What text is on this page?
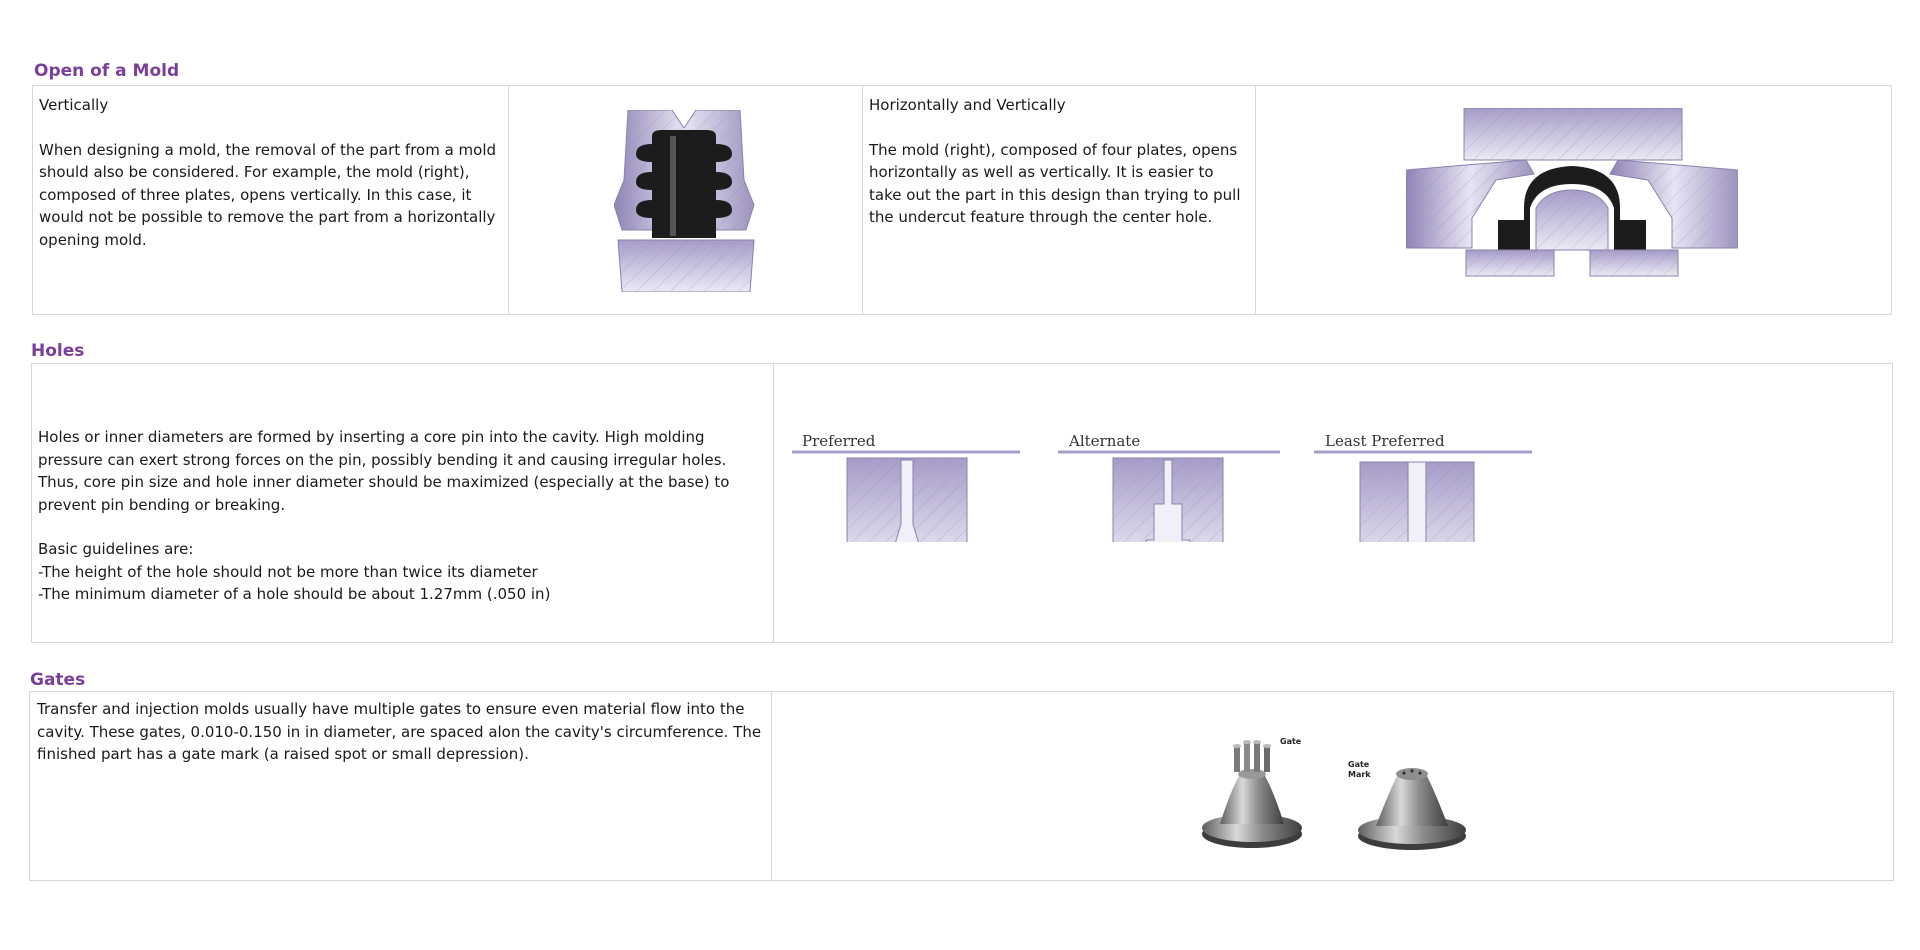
Open of a Mold
Vertically
When designing a mold, the removal of the part from a mold should also be considered. For example, the mold (right), composed of three plates, opens vertically. In this case, it would not be possible to remove the part from a horizontally opening mold.
Horizontally and Vertically
The mold (right), composed of four plates, opens horizontally as well as vertically. It is easier to take out the part in this design than trying to pull the undercut feature through the center hole.
Holes
Holes or inner diameters are formed by inserting a core pin into the cavity. High molding pressure can exert strong forces on the pin, possibly bending it and causing irregular holes. Thus, core pin size and hole inner diameter should be maximized (especially at the base) to prevent pin bending or breaking.
Basic guidelines are:
-The height of the hole should not be more than twice its diameter
-The minimum diameter of a hole should be about 1.27mm (.050 in)
Preferred	Alternate	Least Preferred
Gates
Transfer and injection molds usually have multiple gates to ensure even material flow into the cavity. These gates, 0.010-0.150 in in diameter, are spaced alon the cavity's circumference. The finished part has a gate mark (a raised spot or small depression).
Gate
Gate
Mark
